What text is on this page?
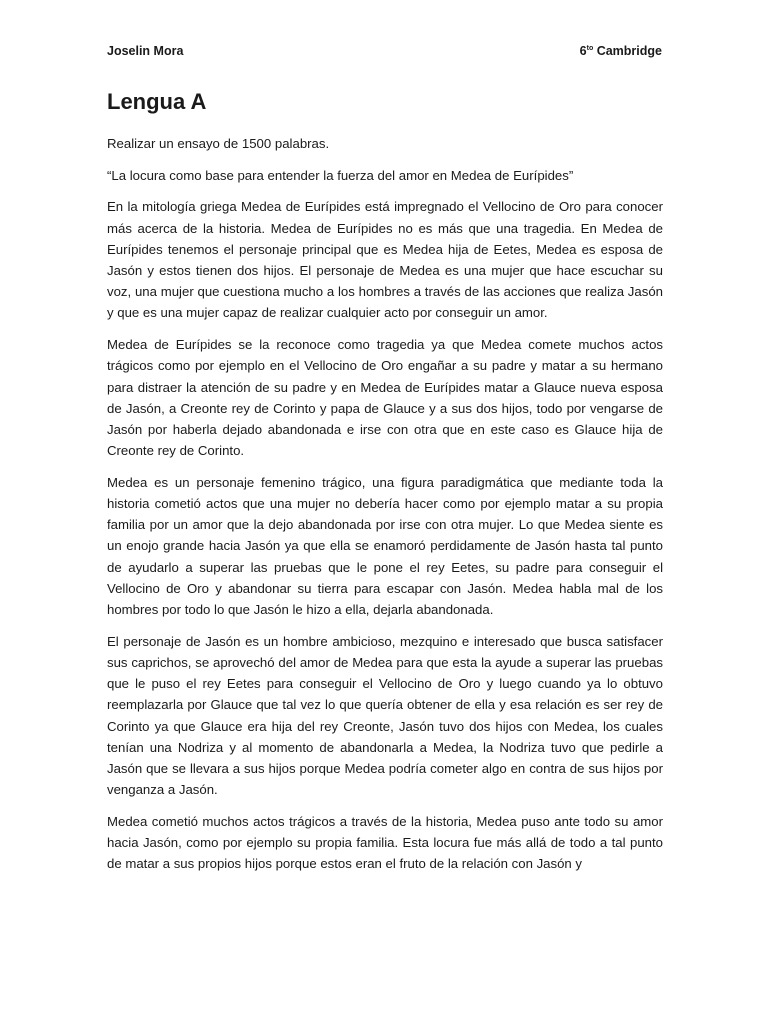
Joselin Mora	$6^{to}$ Cambridge
Lengua A

Realizar un ensayo de 1500 palabras.

“La locura como base para entender la fuerza del amor en Medea de Eurípides”

En la mitología griega Medea de Eurípides está impregnado el Vellocino de Oro para conocer más acerca de la historia. Medea de Eurípides no es más que una tragedia. En Medea de Eurípides tenemos el personaje principal que es Medea hija de Eetes, Medea es esposa de Jasón y estos tienen dos hijos. El personaje de Medea es una mujer que hace escuchar su voz, una mujer que cuestiona mucho a los hombres a través de las acciones que realiza Jasón y que es una mujer capaz de realizar cualquier acto por conseguir un amor.

Medea de Eurípides se la reconoce como tragedia ya que Medea comete muchos actos trágicos como por ejemplo en el Vellocino de Oro engañar a su padre y matar a su hermano para distraer la atención de su padre y en Medea de Eurípides matar a Glauce nueva esposa de Jasón, a Creonte rey de Corinto y papa de Glauce y a sus dos hijos, todo por vengarse de Jasón por haberla dejado abandonada e irse con otra que en este caso es Glauce hija de Creonte rey de Corinto.

Medea es un personaje femenino trágico, una figura paradigmática que mediante toda la historia cometió actos que una mujer no debería hacer como por ejemplo matar a su propia familia por un amor que la dejo abandonada por irse con otra mujer. Lo que Medea siente es un enojo grande hacia Jasón ya que ella se enamoró perdidamente de Jasón hasta tal punto de ayudarlo a superar las pruebas que le pone el rey Eetes, su padre para conseguir el Vellocino de Oro y abandonar su tierra para escapar con Jasón. Medea habla mal de los hombres por todo lo que Jasón le hizo a ella, dejarla abandonada.

El personaje de Jasón es un hombre ambicioso, mezquino e interesado que busca satisfacer sus caprichos, se aprovechó del amor de Medea para que esta la ayude a superar las pruebas que le puso el rey Eetes para conseguir el Vellocino de Oro y luego cuando ya lo obtuvo reemplazarla por Glauce que tal vez lo que quería obtener de ella y esa relación es ser rey de Corinto ya que Glauce era hija del rey Creonte, Jasón tuvo dos hijos con Medea, los cuales tenían una Nodriza y al momento de abandonarla a Medea, la Nodriza tuvo que pedirle a Jasón que se llevara a sus hijos porque Medea podría cometer algo en contra de sus hijos por venganza a Jasón.

Medea cometió muchos actos trágicos a través de la historia, Medea puso ante todo su amor hacia Jasón, como por ejemplo su propia familia. Esta locura fue más allá de todo a tal punto de matar a sus propios hijos porque estos eran el fruto de la relación con Jasón y
